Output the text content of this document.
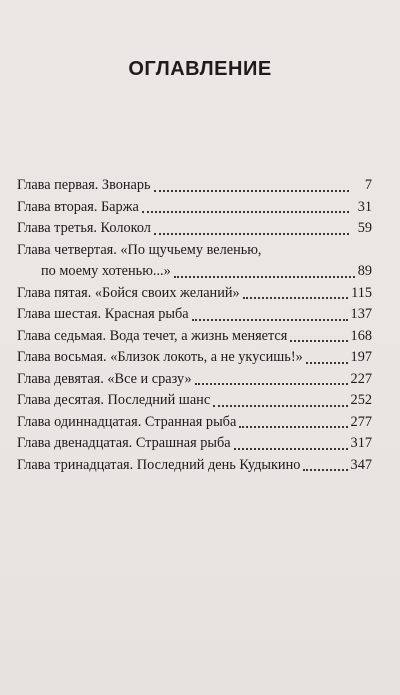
ОГЛАВЛЕНИЕ
Глава первая. Звонарь	7
Глава вторая. Баржа	31
Глава третья. Колокол	59
Глава четвертая. «По щучьему веленью,
по моему хотенью...»	89
Глава пятая. «Бойся своих желаний»	115
Глава шестая. Красная рыба	137
Глава седьмая. Вода течет, а жизнь меняется	168
Глава восьмая. «Близок локоть, а не укусишь!»	197
Глава девятая. «Все и сразу»	227
Глава десятая. Последний шанс	252
Глава одиннадцатая. Странная рыба	277
Глава двенадцатая. Страшная рыба	317
Глава тринадцатая. Последний день Кудыкино	347
